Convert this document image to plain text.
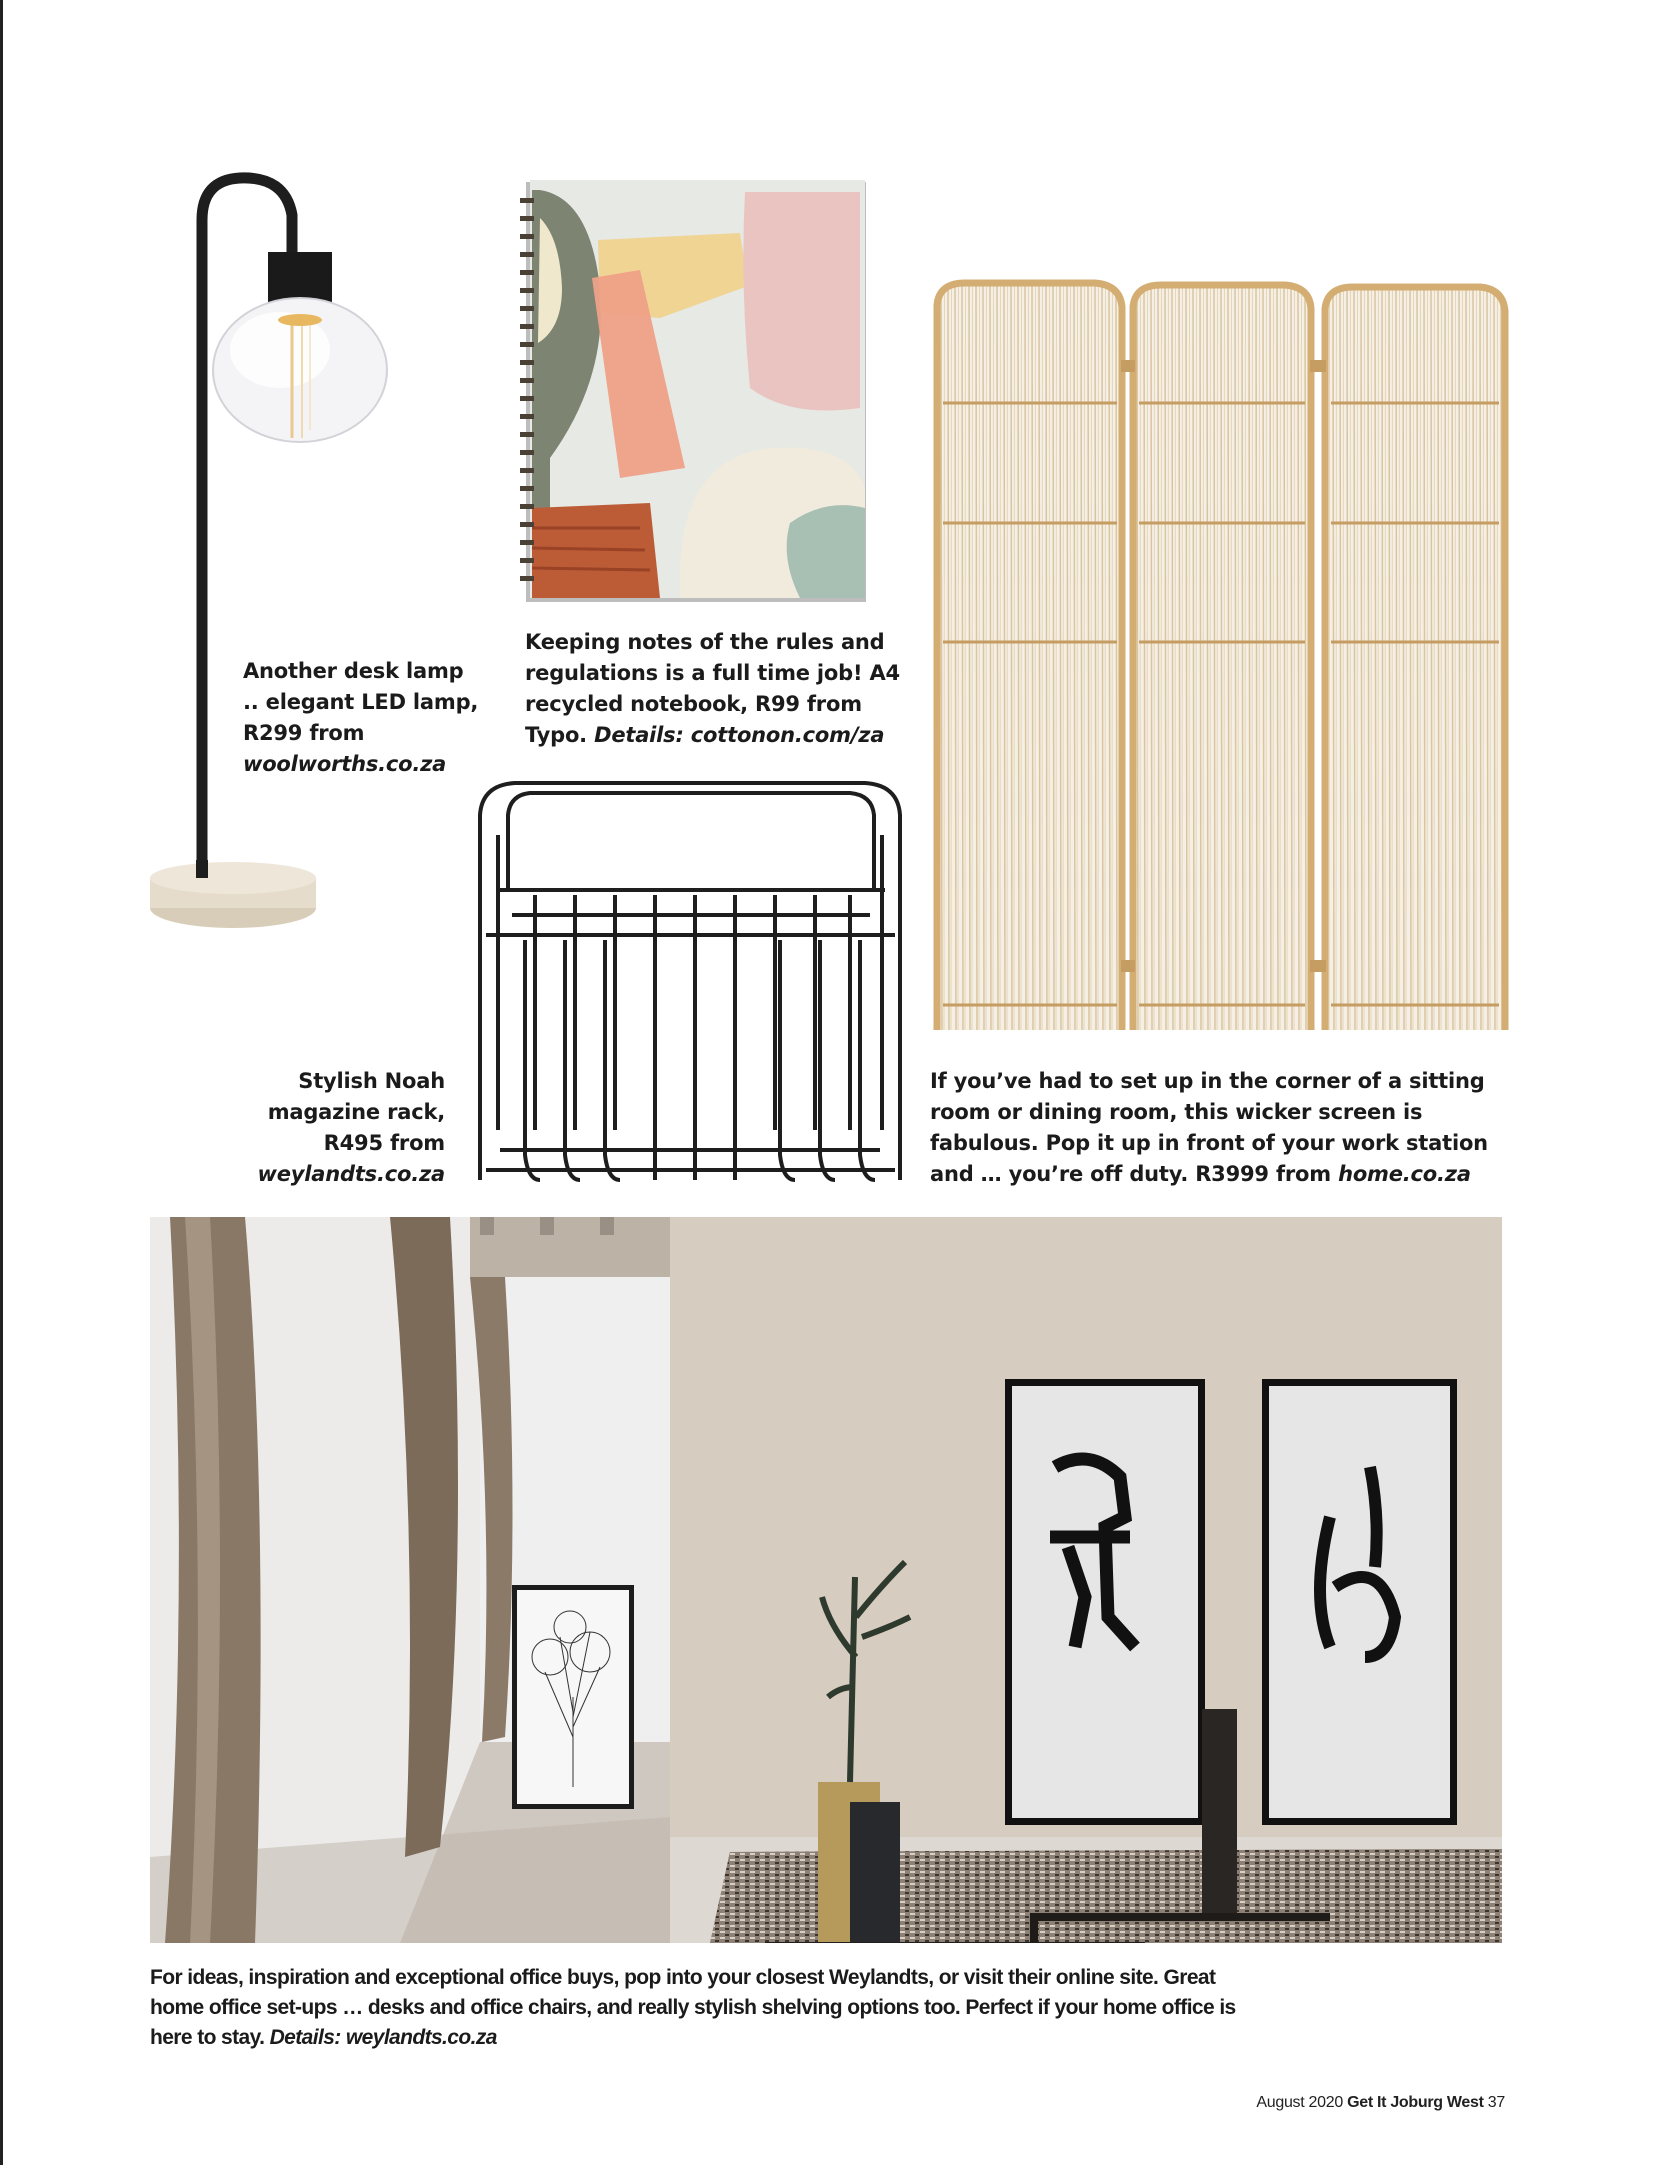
Another desk lamp
.. elegant LED lamp,
R299 from
woolworths.co.za
Keeping notes of the rules and
regulations is a full time job! A4
recycled notebook, R99 from
Typo. Details: cottonon.com/za
Stylish Noah
magazine rack,
R495 from
weylandts.co.za
If you’ve had to set up in the corner of a sitting
room or dining room, this wicker screen is
fabulous. Pop it up in front of your work station
and … you’re off duty. R3999 from home.co.za
For ideas, inspiration and exceptional office buys, pop into your closest Weylandts, or visit their online site. Great
home office set-ups … desks and office chairs, and really stylish shelving options too. Perfect if your home office is
here to stay. Details: weylandts.co.za
August 2020 Get It Joburg West 37
